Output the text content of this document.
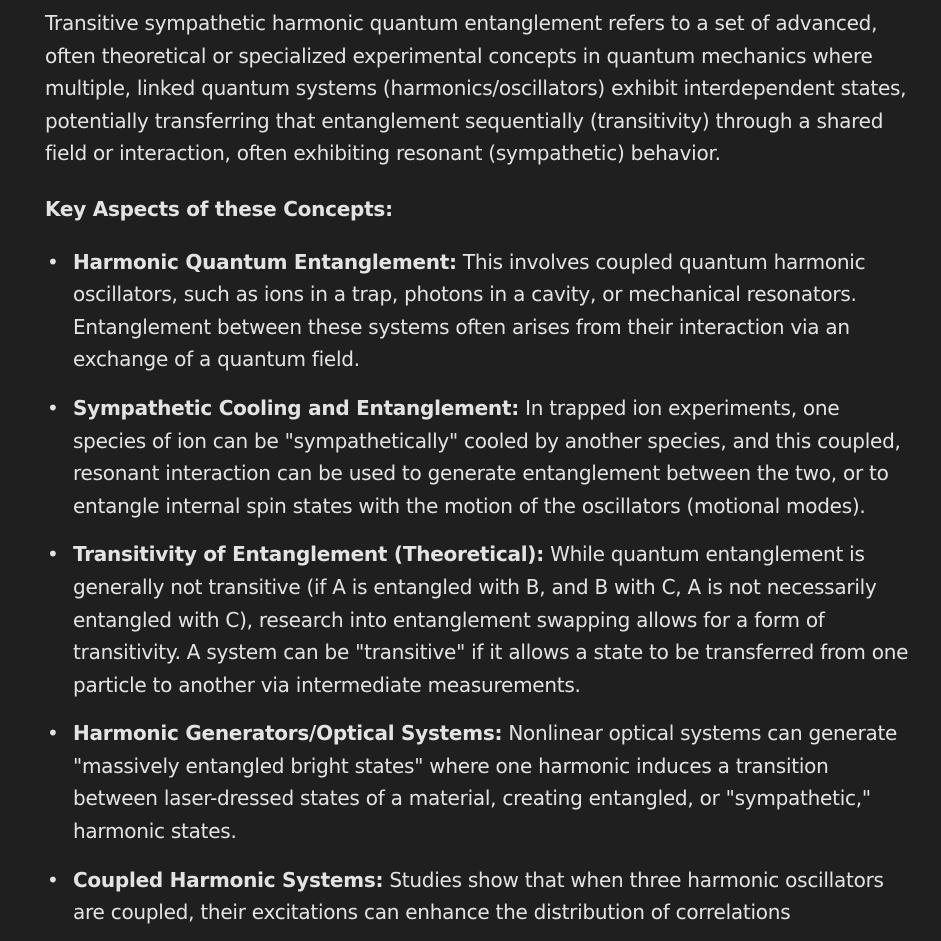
Transitive sympathetic harmonic quantum entanglement refers to a set of advanced, often theoretical or specialized experimental concepts in quantum mechanics where multiple, linked quantum systems (harmonics/oscillators) exhibit interdependent states, potentially transferring that entanglement sequentially (transitivity) through a shared field or interaction, often exhibiting resonant (sympathetic) behavior.

Key Aspects of these Concepts:

• Harmonic Quantum Entanglement: This involves coupled quantum harmonic oscillators, such as ions in a trap, photons in a cavity, or mechanical resonators. Entanglement between these systems often arises from their interaction via an exchange of a quantum field.
• Sympathetic Cooling and Entanglement: In trapped ion experiments, one species of ion can be "sympathetically" cooled by another species, and this coupled, resonant interaction can be used to generate entanglement between the two, or to entangle internal spin states with the motion of the oscillators (motional modes).
• Transitivity of Entanglement (Theoretical): While quantum entanglement is generally not transitive (if A is entangled with B, and B with C, A is not necessarily entangled with C), research into entanglement swapping allows for a form of transitivity. A system can be "transitive" if it allows a state to be transferred from one particle to another via intermediate measurements.
• Harmonic Generators/Optical Systems: Nonlinear optical systems can generate "massively entangled bright states" where one harmonic induces a transition between laser-dressed states of a material, creating entangled, or "sympathetic," harmonic states.
• Coupled Harmonic Systems: Studies show that when three harmonic oscillators are coupled, their excitations can enhance the distribution of correlations
